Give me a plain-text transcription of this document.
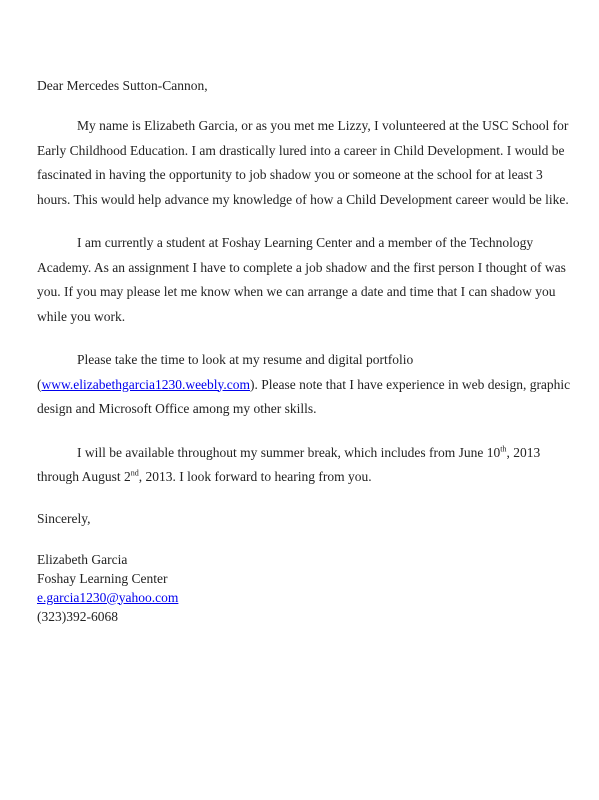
Dear Mercedes Sutton-Cannon,

My name is Elizabeth Garcia, or as you met me Lizzy, I volunteered at the USC School for Early Childhood Education. I am drastically lured into a career in Child Development. I would be fascinated in having the opportunity to job shadow you or someone at the school for at least 3 hours. This would help advance my knowledge of how a Child Development career would be like.

I am currently a student at Foshay Learning Center and a member of the Technology Academy. As an assignment I have to complete a job shadow and the first person I thought of was you. If you may please let me know when we can arrange a date and time that I can shadow you while you work.

Please take the time to look at my resume and digital portfolio (www.elizabethgarcia1230.weebly.com). Please note that I have experience in web design, graphic design and Microsoft Office among my other skills.

I will be available throughout my summer break, which includes from June 10th, 2013 through August 2nd, 2013. I look forward to hearing from you.

Sincerely,

Elizabeth Garcia

Foshay Learning Center

e.garcia1230@yahoo.com

(323)392-6068
